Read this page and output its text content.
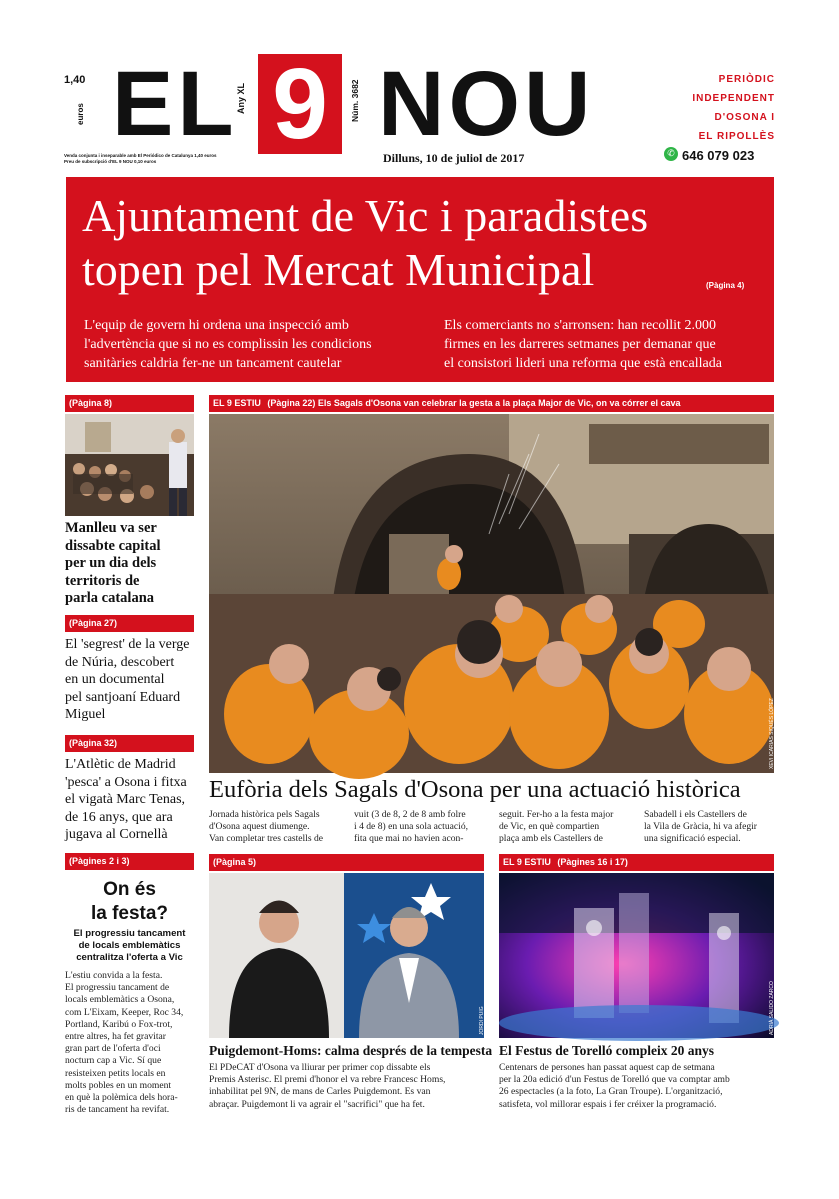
1,40
euros EL
Any XL 9	Núm. 3682 NOU
Venda conjunta i inseparable amb El Periódico de Catalunya 1,40 euros
Preu de subscripció d'EL 9 NOU 0,10 euros	Dilluns, 10 de juliol de 2017
PERIÒDIC
INDEPENDENT
D'OSONA I
EL RIPOLLÈS
✆ 646 079 023
Ajuntament de Vic i paradistes
topen pel Mercat Municipal	(Pàgina 4)
L'equip de govern hi ordena una inspecció amb
l'advertència que si no es complissin les condicions
sanitàries caldria fer-ne un tancament cautelar
Els comerciants no s'arronsen: han recollit 2.000
firmes en les darreres setmanes per demanar que
el consistori lideri una reforma que està encallada
(Pàgina 8)
Manlleu va ser
dissabte capital
per un dia dels
territoris de
parla catalana
(Pàgina 27)
El 'segrest' de la verge
de Núria, descobert
en un documental
pel santjoaní Eduard
Miguel
(Pàgina 32)
L'Atlètic de Madrid
'pesca' a Osona i fitxa
el vigatà Marc Tenas,
de 16 anys, que ara
jugava al Cornellà
(Pàgines 2 i 3)
On és
la festa?
El progressiu tancament
de locals emblemàtics
centralitza l'oferta a Vic
L'estiu convida a la festa.
El progressiu tancament de
locals emblemàtics a Osona,
com L'Eixam, Keeper, Roc 34,
Portland, Karibú o Fox-trot,
entre altres, ha fet gravitar
gran part de l'oferta d'oci
nocturn cap a Vic. Sí que
resisteixen petits locals en
molts pobles en un moment
en què la polèmica dels hora-
ris de tancament ha revifat.
EL 9 ESTIU (Pàgina 22) Els Sagals d'Osona van celebrar la gesta a la plaça Major de Vic, on va córrer el cava
XEVI ICARIAS SIQUÉS LÓPEZ
Eufòria dels Sagals d'Osona per una actuació històrica
Jornada històrica pels Sagals
d'Osona aquest diumenge.
Van completar tres castells de
vuit (3 de 8, 2 de 8 amb folre
i 4 de 8) en una sola actuació,
fita que mai no havien acon-
seguit. Fer-ho a la festa major
de Vic, en què compartien
plaça amb els Castellers de
Sabadell i els Castellers de
la Vila de Gràcia, hi va afegir
una significació especial.
(Pàgina 5)
JORDI PUIG
Puigdemont-Homs: calma després de la tempesta
El PDeCAT d'Osona va lliurar per primer cop dissabte els
Premis Asterisc. El premi d'honor el va rebre Francesc Homs,
inhabilitat pel 9N, de mans de Carles Puigdemont. Es van
abraçar. Puigdemont li va agrair el "sacrifici" que ha fet.
EL 9 ESTIU (Pàgines 16 i 17)
ADRIÀ SALIDO ZARCO
El Festus de Torelló compleix 20 anys
Centenars de persones han passat aquest cap de setmana
per la 20a edició d'un Festus de Torelló que va comptar amb
26 espectacles (a la foto, La Gran Troupe). L'organització,
satisfeta, vol millorar espais i fer créixer la programació.
